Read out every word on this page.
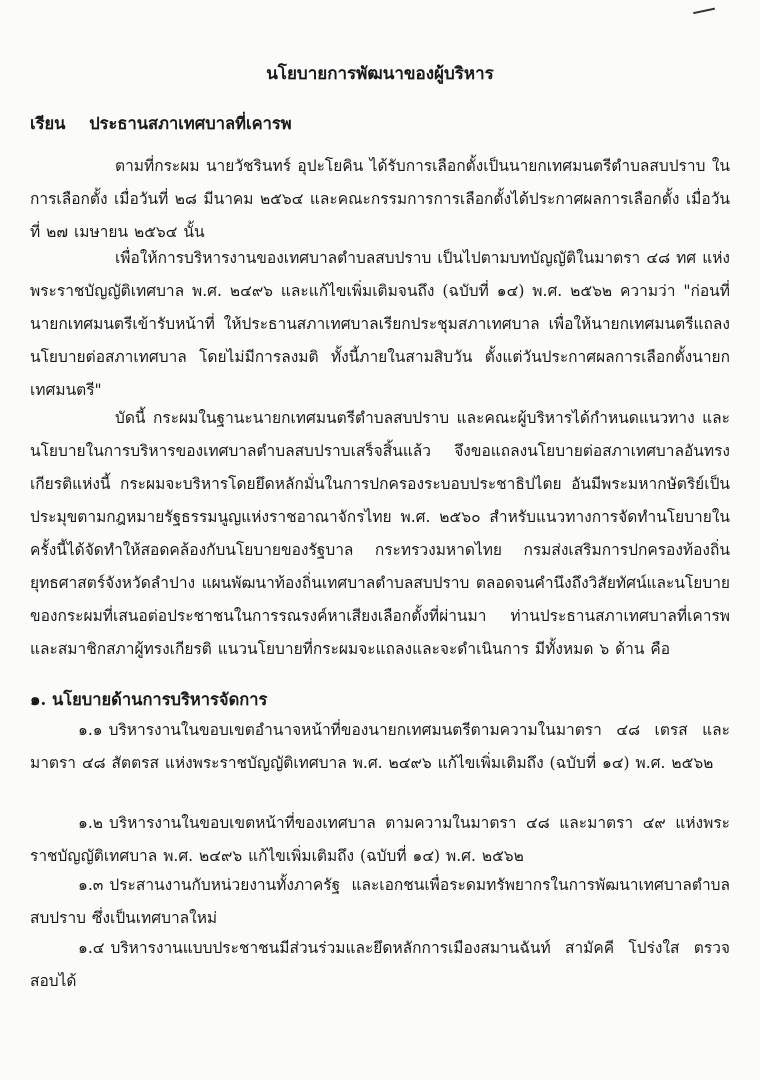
นโยบายการพัฒนาของผู้บริหาร
เรียน ประธานสภาเทศบาลที่เคารพ

ตามที่กระผม นายวัชรินทร์ อุปะโยคิน ได้รับการเลือกตั้งเป็นนายกเทศมนตรีตำบลสบปราบ ในการเลือกตั้ง เมื่อวันที่ ๒๘ มีนาคม ๒๕๖๔ และคณะกรรมการการเลือกตั้งได้ประกาศผลการเลือกตั้ง เมื่อวันที่ ๒๗ เมษายน ๒๕๖๔ นั้น

เพื่อให้การบริหารงานของเทศบาลตำบลสบปราบ เป็นไปตามบทบัญญัติในมาตรา ๔๘ ทศ แห่งพระราชบัญญัติเทศบาล พ.ศ. ๒๔๙๖ และแก้ไขเพิ่มเติมจนถึง (ฉบับที่ ๑๔) พ.ศ. ๒๕๖๒ ความว่า "ก่อนที่นายกเทศมนตรีเข้ารับหน้าที่ ให้ประธานสภาเทศบาลเรียกประชุมสภาเทศบาล เพื่อให้นายกเทศมนตรีแถลงนโยบายต่อสภาเทศบาล โดยไม่มีการลงมติ ทั้งนี้ภายในสามสิบวัน ตั้งแต่วันประกาศผลการเลือกตั้งนายกเทศมนตรี"

บัดนี้ กระผมในฐานะนายกเทศมนตรีตำบลสบปราบ และคณะผู้บริหารได้กำหนดแนวทาง และนโยบายในการบริหารของเทศบาลตำบลสบปราบเสร็จสิ้นแล้ว จึงขอแถลงนโยบายต่อสภาเทศบาลอันทรงเกียรติแห่งนี้ กระผมจะบริหารโดยยึดหลักมั่นในการปกครองระบอบประชาธิปไตย อันมีพระมหากษัตริย์เป็นประมุขตามกฎหมายรัฐธรรมนูญแห่งราชอาณาจักรไทย พ.ศ. ๒๕๖๐ สำหรับแนวทางการจัดทำนโยบายในครั้งนี้ได้จัดทำให้สอดคล้องกับนโยบายของรัฐบาล กระทรวงมหาดไทย กรมส่งเสริมการปกครองท้องถิ่น ยุทธศาสตร์จังหวัดลำปาง แผนพัฒนาท้องถิ่นเทศบาลตำบลสบปราบ ตลอดจนคำนึงถึงวิสัยทัศน์และนโยบายของกระผมที่เสนอต่อประชาชนในการรณรงค์หาเสียงเลือกตั้งที่ผ่านมา ท่านประธานสภาเทศบาลที่เคารพ และสมาชิกสภาผู้ทรงเกียรติ แนวนโยบายที่กระผมจะแถลงและจะดำเนินการ มีทั้งหมด ๖ ด้าน คือ

๑. นโยบายด้านการบริหารจัดการ

๑.๑ บริหารงานในขอบเขตอำนาจหน้าที่ของนายกเทศมนตรีตามความในมาตรา ๔๘ เตรส และมาตรา ๔๘ สัตตรส แห่งพระราชบัญญัติเทศบาล พ.ศ. ๒๔๙๖ แก้ไขเพิ่มเติมถึง (ฉบับที่ ๑๔) พ.ศ. ๒๕๖๒

๑.๒ บริหารงานในขอบเขตหน้าที่ของเทศบาล ตามความในมาตรา ๔๘ และมาตรา ๔๙ แห่งพระราชบัญญัติเทศบาล พ.ศ. ๒๔๙๖ แก้ไขเพิ่มเติมถึง (ฉบับที่ ๑๔) พ.ศ. ๒๕๖๒

๑.๓ ประสานงานกับหน่วยงานทั้งภาครัฐ และเอกชนเพื่อระดมทรัพยากรในการพัฒนาเทศบาลตำบลสบปราบ ซึ่งเป็นเทศบาลใหม่

๑.๔ บริหารงานแบบประชาชนมีส่วนร่วมและยึดหลักการเมืองสมานฉันท์ สามัคคี โปร่งใส ตรวจสอบได้
